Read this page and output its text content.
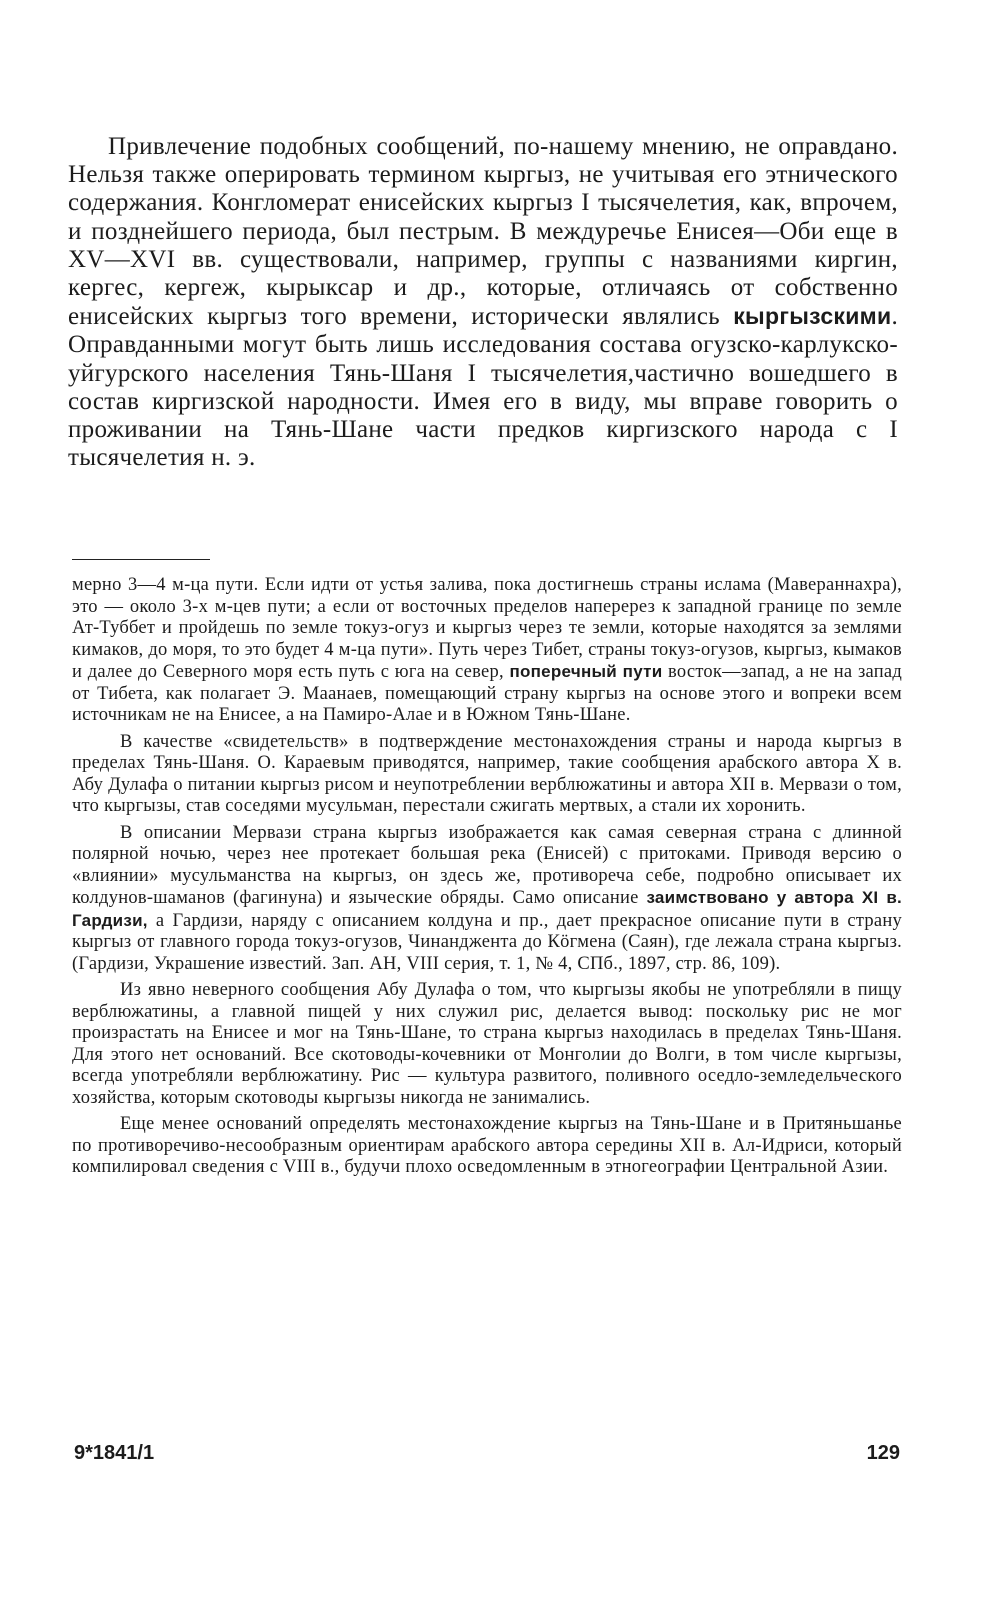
Привлечение подобных сообщений, по-нашему мнению, не оправдано. Нельзя также оперировать термином кыргыз, не учитывая его этнического содержания. Конгломерат енисейских кыргыз I тысячелетия, как, впрочем, и позднейшего периода, был пестрым. В междуречье Енисея—Оби еще в XV—XVI вв. существовали, например, группы с названиями киргин, кергес, кергеж, кырыксар и др., которые, отличаясь от собственно енисейских кыргыз того времени, исторически являлись кыргызскими. Оправданными могут быть лишь исследования состава огузско-карлукско-уйгурского населения Тянь-Шаня I тысячелетия,частично вошедшего в состав киргизской народности. Имея его в виду, мы вправе говорить о проживании на Тянь-Шане части предков киргизского народа с I тысячелетия н. э.

мерно 3—4 м-ца пути. Если идти от устья залива, пока достигнешь страны ислама (Мавераннахра), это — около 3-х м-цев пути; а если от восточных пределов наперерез к западной границе по земле Ат-Туббет и пройдешь по земле токуз-огуз и кыргыз через те земли, которые находятся за землями кимаков, до моря, то это будет 4 м-ца пути». Путь через Тибет, страны токуз-огузов, кыргыз, кымаков и далее до Северного моря есть путь с юга на север, поперечный пути восток—запад, а не на запад от Тибета, как полагает Э. Маанаев, помещающий страну кыргыз на основе этого и вопреки всем источникам не на Енисее, а на Памиро-Алае и в Южном Тянь-Шане.

В качестве «свидетельств» в подтверждение местонахождения страны и народа кыргыз в пределах Тянь-Шаня. О. Караевым приводятся, например, такие сообщения арабского автора X в. Абу Дулафа о питании кыргыз рисом и неупотреблении верблюжатины и автора XII в. Мервази о том, что кыргызы, став соседями мусульман, перестали сжигать мертвых, а стали их хоронить.

В описании Мервази страна кыргыз изображается как самая северная страна с длинной полярной ночью, через нее протекает большая река (Енисей) с притоками. Приводя версию о «влиянии» мусульманства на кыргыз, он здесь же, противореча себе, подробно описывает их колдунов-шаманов (фагинуна) и языческие обряды. Само описание заимствовано у автора XI в. Гардизи, а Гардизи, наряду с описанием колдуна и пр., дает прекрасное описание пути в страну кыргыз от главного города токуз-огузов, Чинанджента до Кӧгмена (Саян), где лежала страна кыргыз. (Гардизи, Украшение известий. Зап. АН, VIII серия, т. 1, № 4, СПб., 1897, стр. 86, 109).

Из явно неверного сообщения Абу Дулафа о том, что кыргызы якобы не употребляли в пищу верблюжатины, а главной пищей у них служил рис, делается вывод: поскольку рис не мог произрастать на Енисее и мог на Тянь-Шане, то страна кыргыз находилась в пределах Тянь-Шаня. Для этого нет оснований. Все скотоводы-кочевники от Монголии до Волги, в том числе кыргызы, всегда употребляли верблюжатину. Рис — культура развитого, поливного оседло-земледельческого хозяйства, которым скотоводы кыргызы никогда не занимались.

Еще менее оснований определять местонахождение кыргыз на Тянь-Шане и в Притяньшанье по противоречиво-несообразным ориентирам арабского автора середины XII в. Ал-Идриси, который компилировал сведения с VIII в., будучи плохо осведомленным в этногеографии Центральной Азии.

9*1841/1	129
